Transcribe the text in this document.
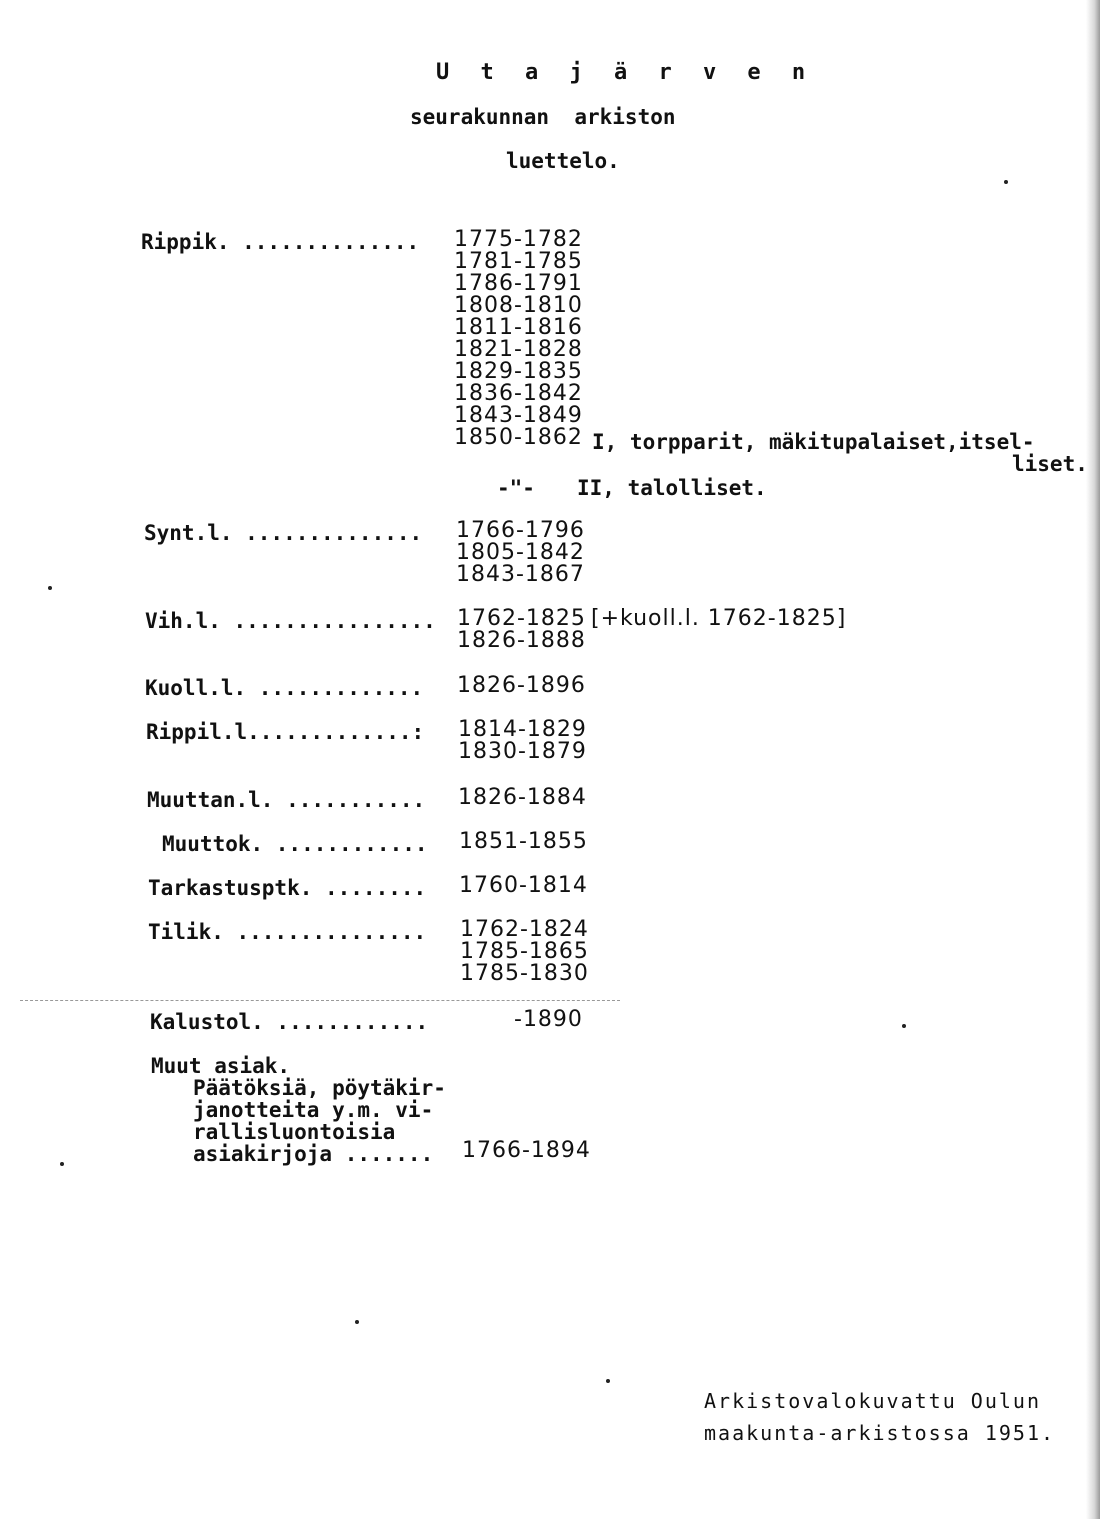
U t a j ä r v e n
seurakunnan  arkiston
luettelo.
Rippik. .............. 1775-1782
1781-1785
1786-1791
1808-1810
1811-1816
1821-1828
1829-1835
1836-1842
1843-1849
1850-1862 I, torpparit, mäkitupalaiset,itsel-
liset.
-"- II, talolliset.
Synt.l. .............. 1766-1796
1805-1842
1843-1867
Vih.l. ................ 1762-1825
1826-1888
[+kuoll.l. 1762-1825]
Kuoll.l. ............. 1826-1896
Rippil.l.............: 1814-1829
1830-1879
Muuttan.l. ........... 1826-1884
Muuttok. ............ 1851-1855
Tarkastusptk. ........ 1760-1814
Tilik. ............... 1762-1824
1785-1865
1785-1830
Kalustol. ............	-1890
Muut asiak.
Päätöksiä, pöytäkir-
janotteita y.m. vi-
rallisluontoisia
asiakirjoja .......	1766-1894
Arkistovalokuvattu Oulun
maakunta-arkistossa 1951.
